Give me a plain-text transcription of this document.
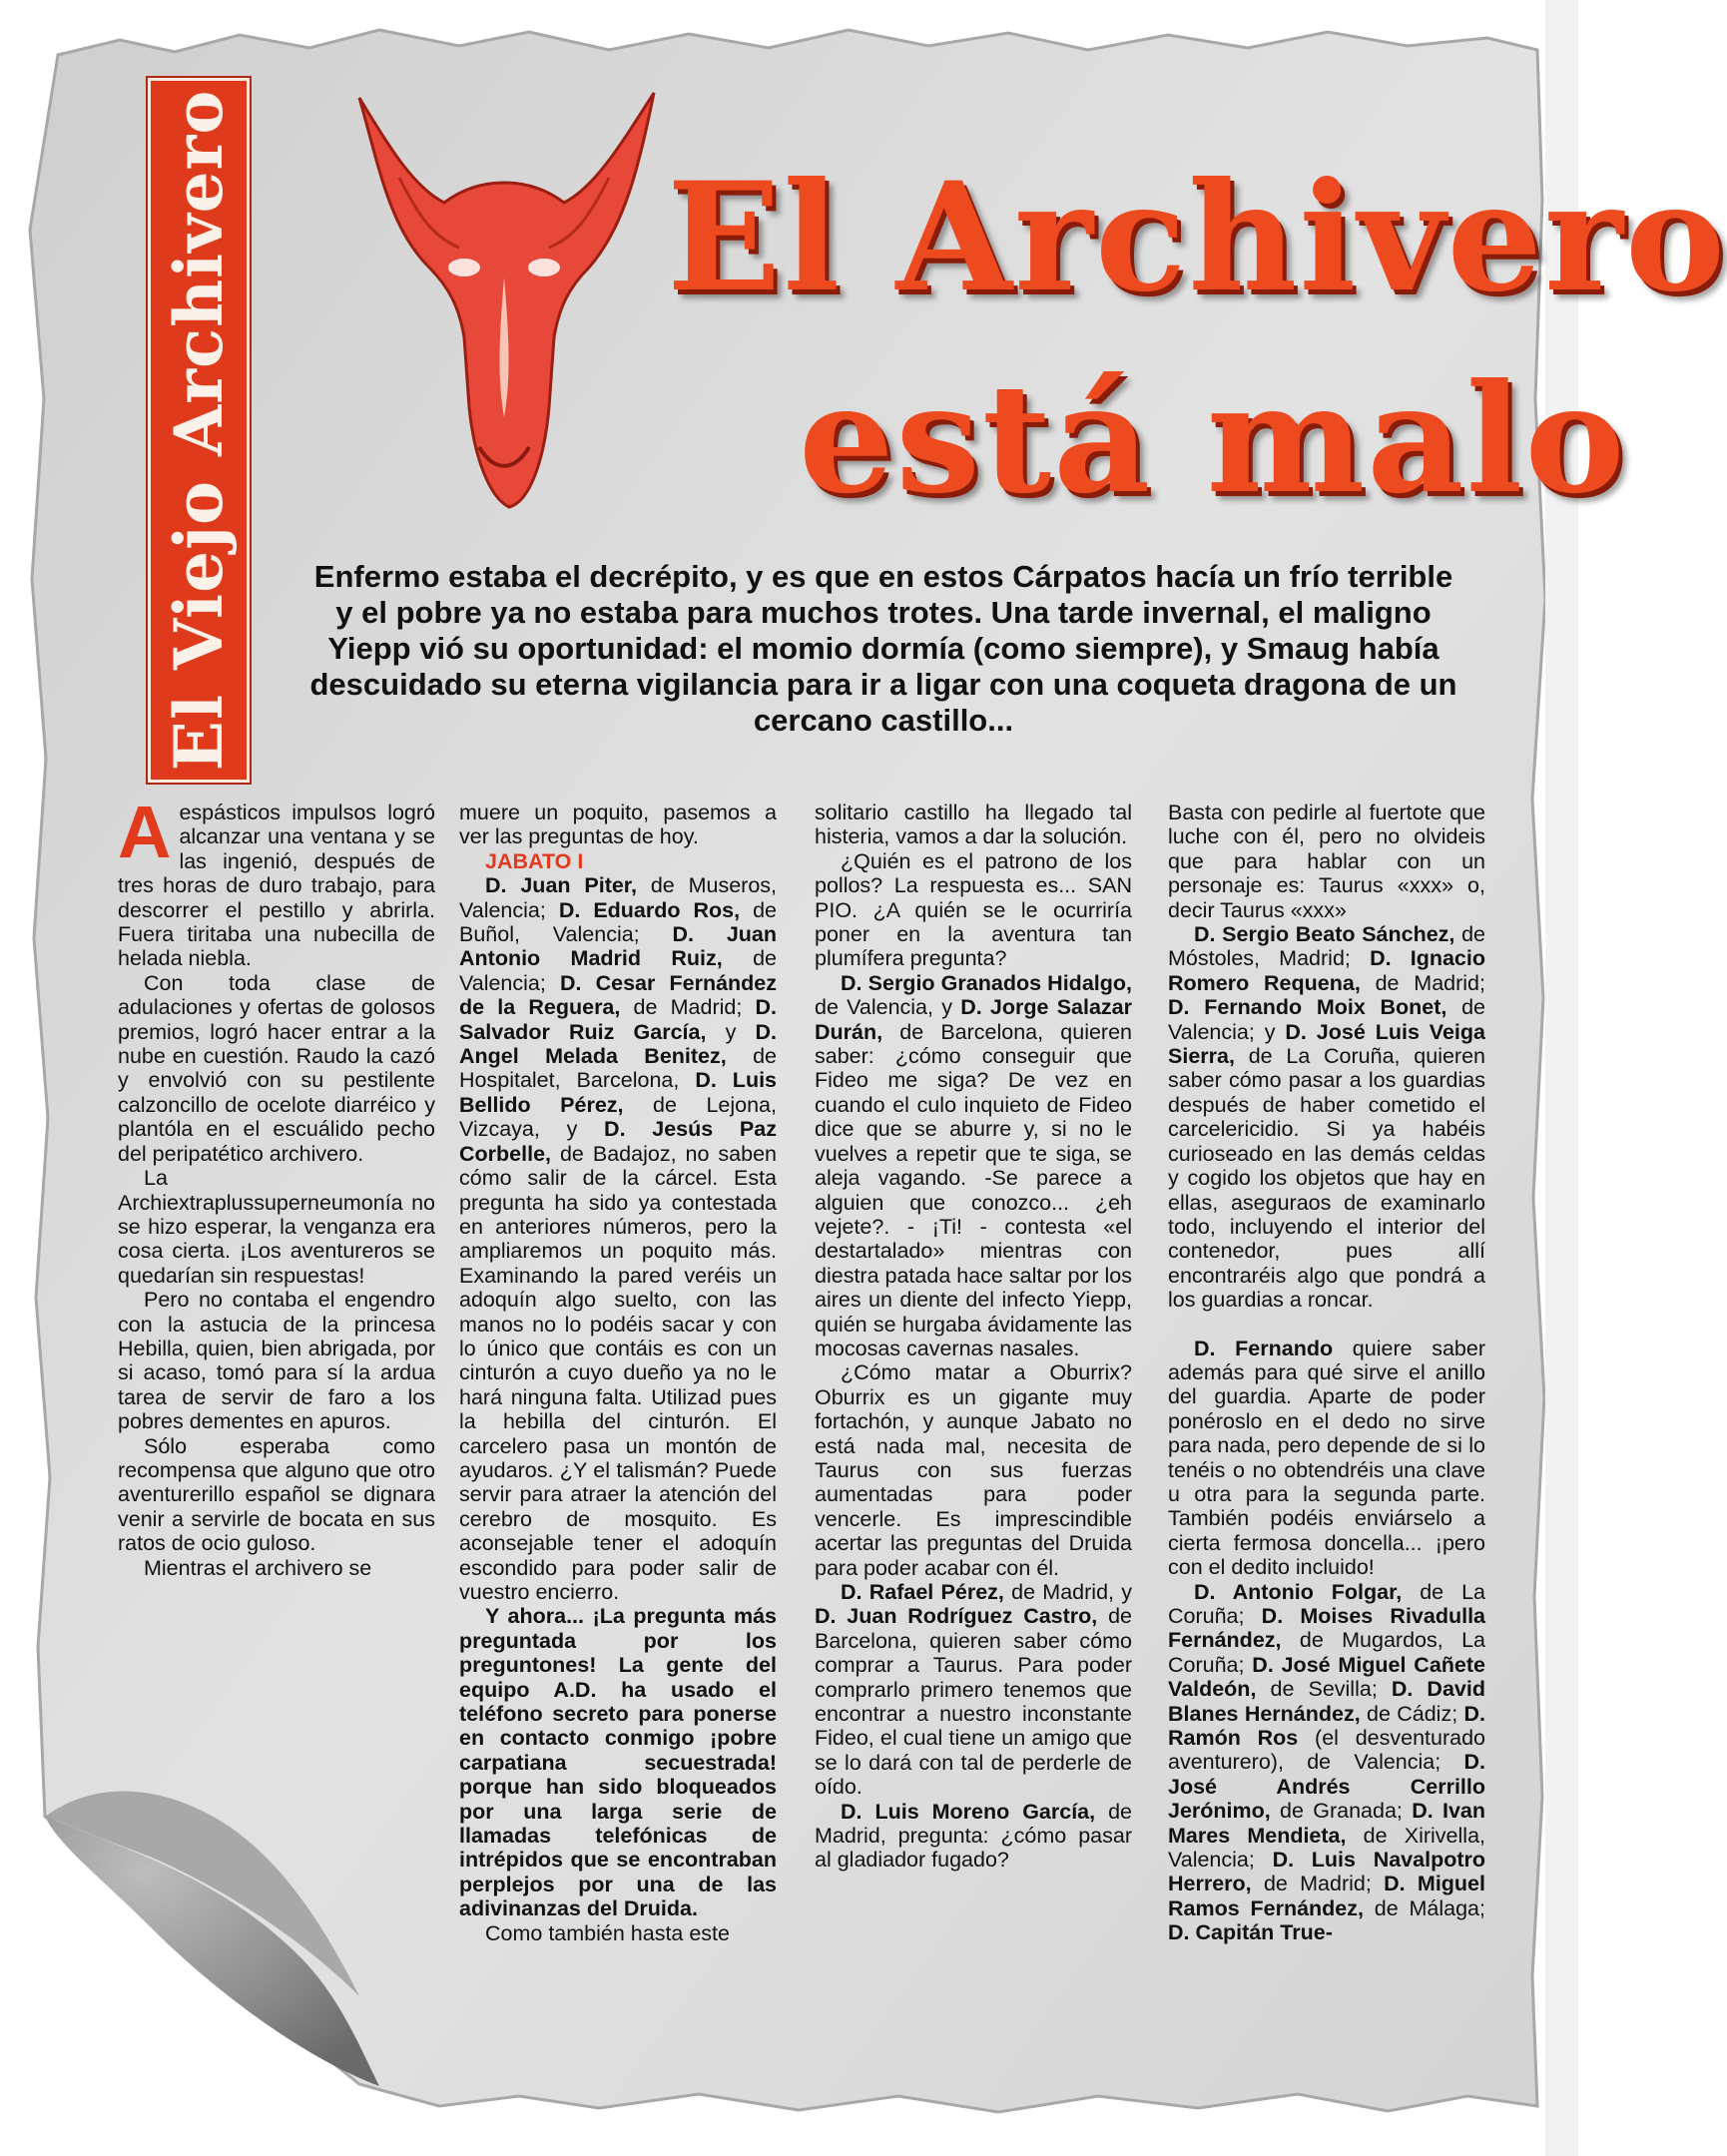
El Viejo Archivero	El Archivero
está malo
Enfermo estaba el decrépito, y es que en estos Cárpatos hacía un frío terrible y el pobre ya no estaba para muchos trotes. Una tarde invernal, el maligno Yiepp vió su oportunidad: el momio dormía (como siempre), y Smaug había descuidado su eterna vigilancia para ir a ligar con una coqueta dragona de un cercano castillo...

Aespásticos impulsos logró alcanzar una ventana y se las ingenió, después de tres horas de duro trabajo, para descorrer el pestillo y abrirla. Fuera tiritaba una nubecilla de helada niebla.

Con toda clase de adulaciones y ofertas de golosos premios, logró hacer entrar a la nube en cuestión. Raudo la cazó y envolvió con su pestilente calzoncillo de ocelote diarréico y plantóla en el escuálido pecho del peripatético archivero.

La Archiextraplussuperneumonía no se hizo esperar, la venganza era cosa cierta. ¡Los aventureros se quedarían sin respuestas!

Pero no contaba el engendro con la astucia de la princesa Hebilla, quien, bien abrigada, por si acaso, tomó para sí la ardua tarea de servir de faro a los pobres dementes en apuros.

Sólo esperaba como recompensa que alguno que otro aventurerillo español se dignara venir a servirle de bocata en sus ratos de ocio guloso.

Mientras el archivero se

muere un poquito, pasemos a ver las preguntas de hoy.

JABATO I

D. Juan Piter, de Museros, Valencia; D. Eduardo Ros, de Buñol, Valencia; D. Juan Antonio Madrid Ruiz, de Valencia; D. Cesar Fernández de la Reguera, de Madrid; D. Salvador Ruiz García, y D. Angel Melada Benitez, de Hospitalet, Barcelona, D. Luis Bellido Pérez, de Lejona, Vizcaya, y D. Jesús Paz Corbelle, de Badajoz, no saben cómo salir de la cárcel. Esta pregunta ha sido ya contestada en anteriores números, pero la ampliaremos un poquito más. Examinando la pared veréis un adoquín algo suelto, con las manos no lo podéis sacar y con lo único que contáis es con un cinturón a cuyo dueño ya no le hará ninguna falta. Utilizad pues la hebilla del cinturón. El carcelero pasa un montón de ayudaros. ¿Y el talismán? Puede servir para atraer la atención del cerebro de mosquito. Es aconsejable tener el adoquín escondido para poder salir de vuestro encierro.

Y ahora... ¡La pregunta más preguntada por los preguntones! La gente del equipo A.D. ha usado el teléfono secreto para ponerse en contacto conmigo ¡pobre carpatiana secuestrada! porque han sido bloqueados por una larga serie de llamadas telefónicas de intrépidos que se encontraban perplejos por una de las adivinanzas del Druida.

Como también hasta este

solitario castillo ha llegado tal histeria, vamos a dar la solución.

¿Quién es el patrono de los pollos? La respuesta es... SAN PIO. ¿A quién se le ocurriría poner en la aventura tan plumífera pregunta?

D. Sergio Granados Hidalgo, de Valencia, y D. Jorge Salazar Durán, de Barcelona, quieren saber: ¿cómo conseguir que Fideo me siga? De vez en cuando el culo inquieto de Fideo dice que se aburre y, si no le vuelves a repetir que te siga, se aleja vagando. -Se parece a alguien que conozco... ¿eh vejete?. - ¡Ti! - contesta «el destartalado» mientras con diestra patada hace saltar por los aires un diente del infecto Yiepp, quién se hurgaba ávidamente las mocosas cavernas nasales.

¿Cómo matar a Oburrix? Oburrix es un gigante muy fortachón, y aunque Jabato no está nada mal, necesita de Taurus con sus fuerzas aumentadas para poder vencerle. Es imprescindible acertar las preguntas del Druida para poder acabar con él.

D. Rafael Pérez, de Madrid, y D. Juan Rodríguez Castro, de Barcelona, quieren saber cómo comprar a Taurus. Para poder comprarlo primero tenemos que encontrar a nuestro inconstante Fideo, el cual tiene un amigo que se lo dará con tal de perderle de oído.

D. Luis Moreno García, de Madrid, pregunta: ¿cómo pasar al gladiador fugado?

Basta con pedirle al fuertote que luche con él, pero no olvideis que para hablar con un personaje es: Taurus «xxx» o, decir Taurus «xxx»

D. Sergio Beato Sánchez, de Móstoles, Madrid; D. Ignacio Romero Requena, de Madrid; D. Fernando Moix Bonet, de Valencia; y D. José Luis Veiga Sierra, de La Coruña, quieren saber cómo pasar a los guardias después de haber cometido el carcelericidio. Si ya habéis curioseado en las demás celdas y cogido los objetos que hay en ellas, aseguraos de examinarlo todo, incluyendo el interior del contenedor, pues allí encontraréis algo que pondrá a los guardias a roncar.

D. Fernando quiere saber además para qué sirve el anillo del guardia. Aparte de poder ponéroslo en el dedo no sirve para nada, pero depende de si lo tenéis o no obtendréis una clave u otra para la segunda parte. También podéis enviárselo a cierta fermosa doncella... ¡pero con el dedito incluido!

D. Antonio Folgar, de La Coruña; D. Moises Rivadulla Fernández, de Mugardos, La Coruña; D. José Miguel Cañete Valdeón, de Sevilla; D. David Blanes Hernández, de Cádiz; D. Ramón Ros (el desventurado aventurero), de Valencia; D. José Andrés Cerrillo Jerónimo, de Granada; D. Ivan Mares Mendieta, de Xirivella, Valencia; D. Luis Navalpotro Herrero, de Madrid; D. Miguel Ramos Fernández, de Málaga; D. Capitán True-
